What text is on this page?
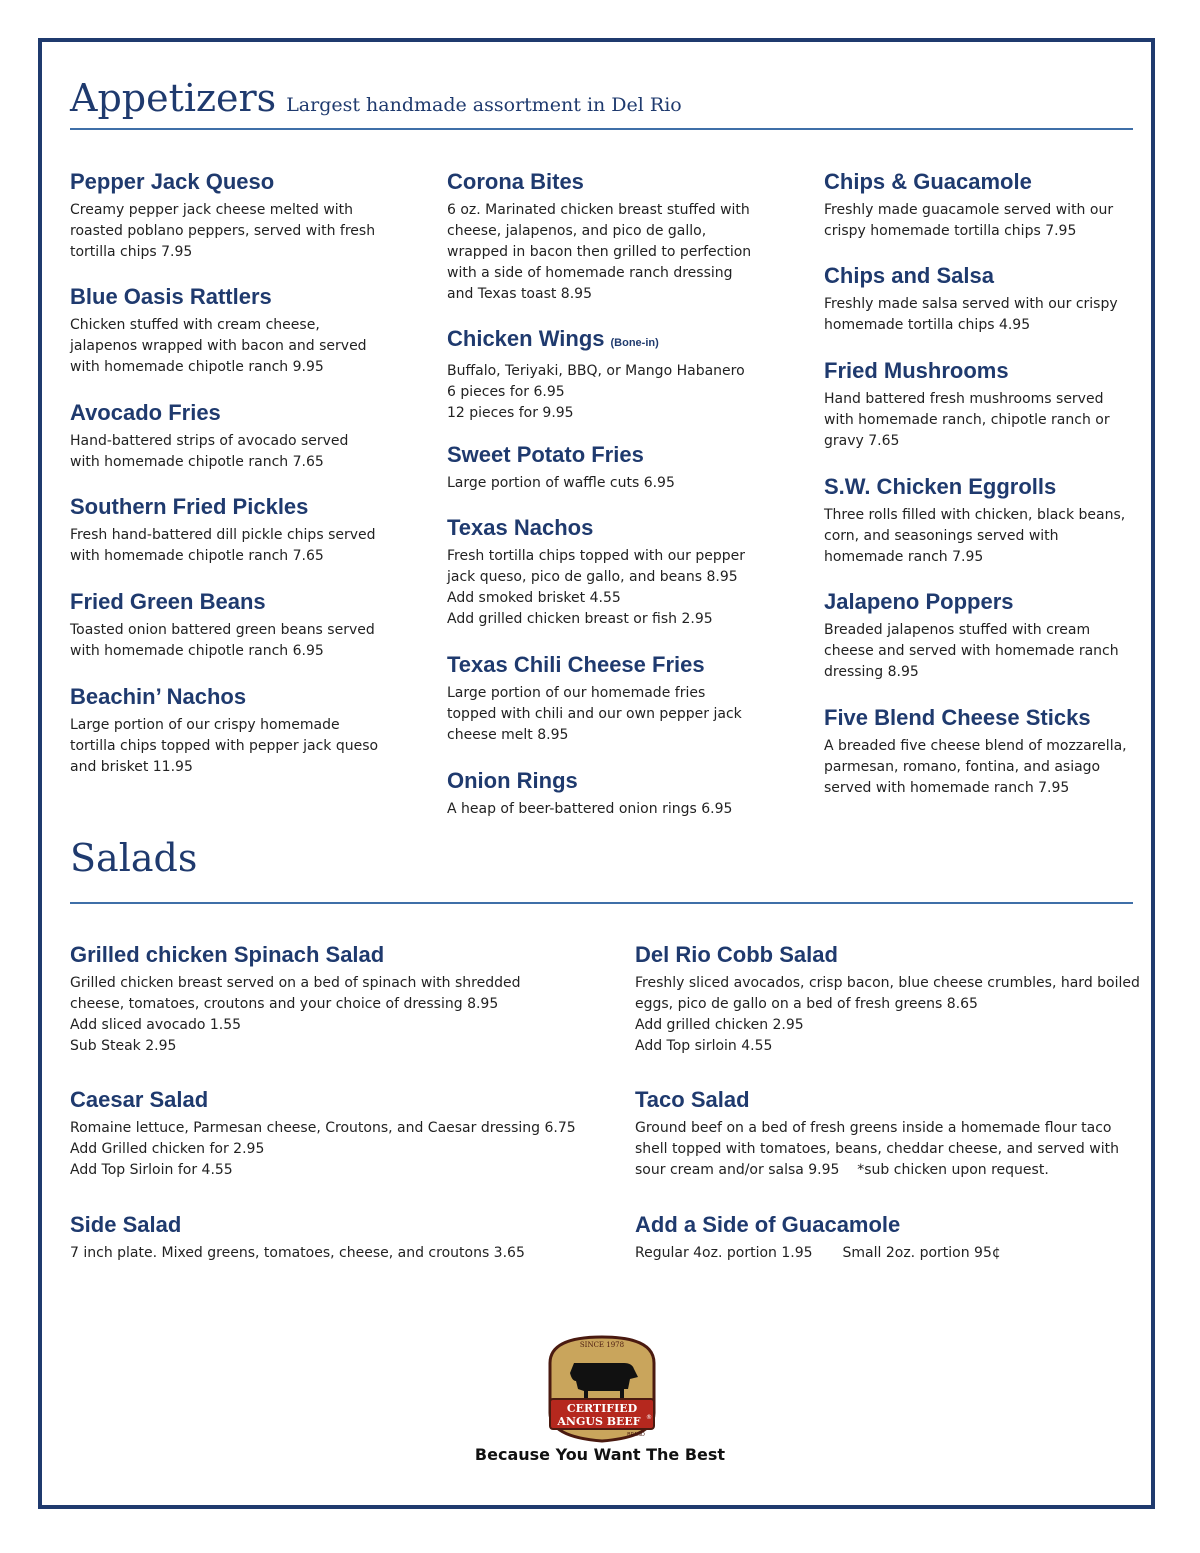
Appetizers Largest handmade assortment in Del Rio
Pepper Jack Queso
Creamy pepper jack cheese melted with
roasted poblano peppers, served with fresh
tortilla chips 7.95
Blue Oasis Rattlers
Chicken stuffed with cream cheese,
jalapenos wrapped with bacon and served
with homemade chipotle ranch 9.95
Avocado Fries
Hand-battered strips of avocado served
with homemade chipotle ranch 7.65
Southern Fried Pickles
Fresh hand-battered dill pickle chips served
with homemade chipotle ranch 7.65
Fried Green Beans
Toasted onion battered green beans served
with homemade chipotle ranch 6.95
Beachin’ Nachos
Large portion of our crispy homemade
tortilla chips topped with pepper jack queso
and brisket 11.95
Corona Bites
6 oz. Marinated chicken breast stuffed with
cheese, jalapenos, and pico de gallo,
wrapped in bacon then grilled to perfection
with a side of homemade ranch dressing
and Texas toast 8.95
Chicken Wings (Bone-in)
Buffalo, Teriyaki, BBQ, or Mango Habanero
6 pieces for 6.95
12 pieces for 9.95
Sweet Potato Fries
Large portion of waffle cuts 6.95
Texas Nachos
Fresh tortilla chips topped with our pepper
jack queso, pico de gallo, and beans 8.95
Add smoked brisket 4.55
Add grilled chicken breast or fish 2.95
Texas Chili Cheese Fries
Large portion of our homemade fries
topped with chili and our own pepper jack
cheese melt 8.95
Onion Rings
A heap of beer-battered onion rings 6.95
Chips & Guacamole
Freshly made guacamole served with our
crispy homemade tortilla chips 7.95
Chips and Salsa
Freshly made salsa served with our crispy
homemade tortilla chips 4.95
Fried Mushrooms
Hand battered fresh mushrooms served
with homemade ranch, chipotle ranch or
gravy 7.65
S.W. Chicken Eggrolls
Three rolls filled with chicken, black beans,
corn, and seasonings served with
homemade ranch 7.95
Jalapeno Poppers
Breaded jalapenos stuffed with cream
cheese and served with homemade ranch
dressing 8.95
Five Blend Cheese Sticks
A breaded five cheese blend of mozzarella,
parmesan, romano, fontina, and asiago
served with homemade ranch 7.95
Salads
Grilled chicken Spinach Salad
Grilled chicken breast served on a bed of spinach with shredded
cheese, tomatoes, croutons and your choice of dressing 8.95
Add sliced avocado 1.55
Sub Steak 2.95
Caesar Salad
Romaine lettuce, Parmesan cheese, Croutons, and Caesar dressing 6.75
Add Grilled chicken for 2.95
Add Top Sirloin for 4.55
Side Salad
7 inch plate. Mixed greens, tomatoes, cheese, and croutons 3.65
Del Rio Cobb Salad
Freshly sliced avocados, crisp bacon, blue cheese crumbles, hard boiled
eggs, pico de gallo on a bed of fresh greens 8.65
Add grilled chicken 2.95
Add Top sirloin 4.55
Taco Salad
Ground beef on a bed of fresh greens inside a homemade flour taco
shell topped with tomatoes, beans, cheddar cheese, and served with
sour cream and/or salsa 9.95    *sub chicken upon request.
Add a Side of Guacamole
Regular 4oz. portion 1.95 Small 2oz. portion 95¢
SINCE 1978
CERTIFIED
ANGUS BEEF ®
BRAND
Because You Want The Best
